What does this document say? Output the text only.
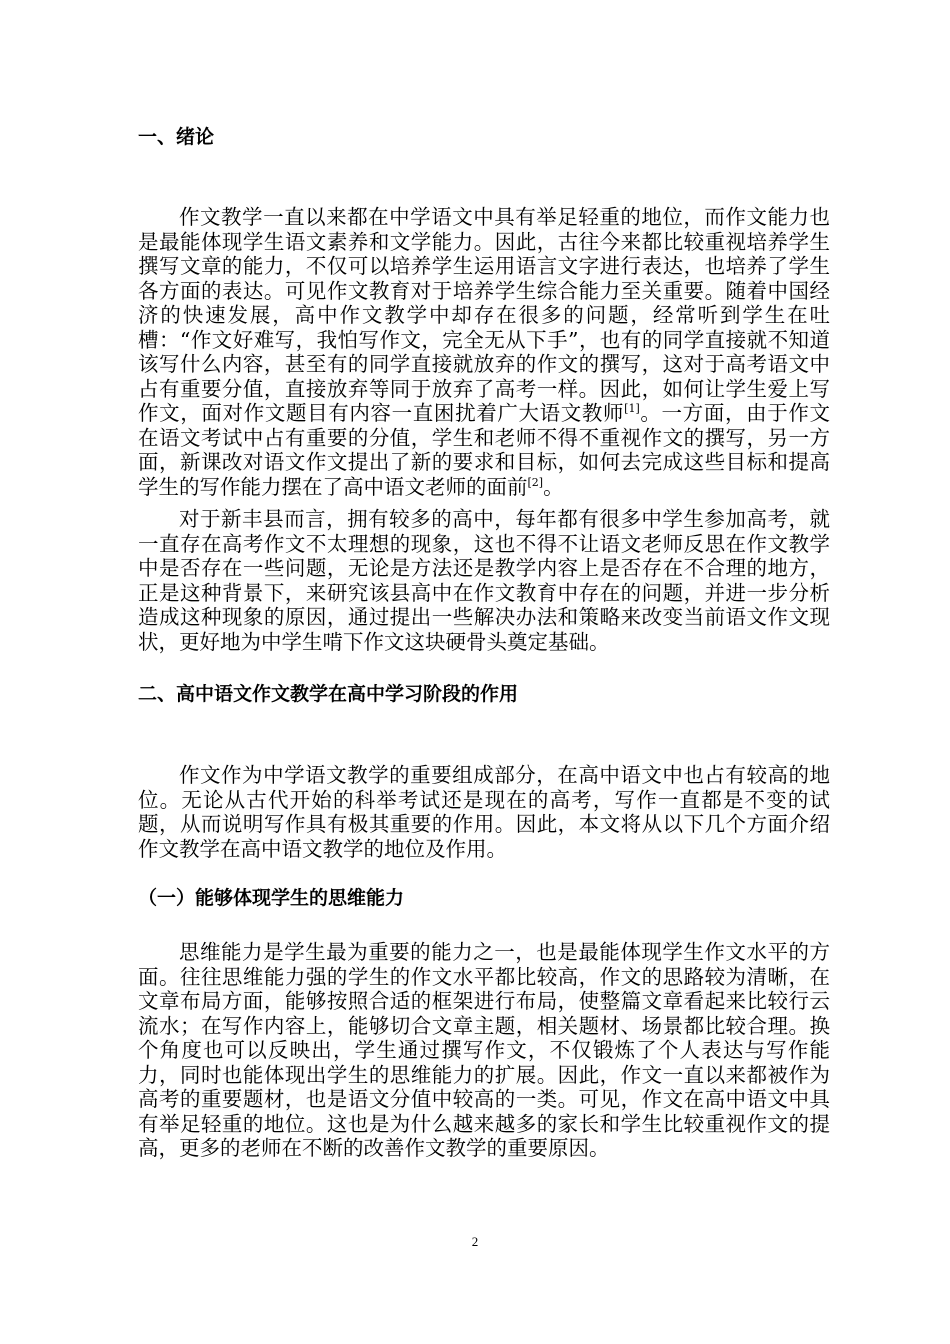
一、绪论

作文教学一直以来都在中学语文中具有举足轻重的地位，而作文能力也是最能体现学生语文素养和文学能力。因此，古往今来都比较重视培养学生撰写文章的能力，不仅可以培养学生运用语言文字进行表达，也培养了学生各方面的表达。可见作文教育对于培养学生综合能力至关重要。随着中国经济的快速发展，高中作文教学中却存在很多的问题，经常听到学生在吐槽：“作文好难写，我怕写作文，完全无从下手”，也有的同学直接就不知道该写什么内容，甚至有的同学直接就放弃的作文的撰写，这对于高考语文中占有重要分值，直接放弃等同于放弃了高考一样。因此，如何让学生爱上写作文，面对作文题目有内容一直困扰着广大语文教师[1]。一方面，由于作文在语文考试中占有重要的分值，学生和老师不得不重视作文的撰写，另一方面，新课改对语文作文提出了新的要求和目标，如何去完成这些目标和提高学生的写作能力摆在了高中语文老师的面前[2]。

对于新丰县而言，拥有较多的高中，每年都有很多中学生参加高考，就一直存在高考作文不太理想的现象，这也不得不让语文老师反思在作文教学中是否存在一些问题，无论是方法还是教学内容上是否存在不合理的地方，正是这种背景下，来研究该县高中在作文教育中存在的问题，并进一步分析造成这种现象的原因，通过提出一些解决办法和策略来改变当前语文作文现状，更好地为中学生啃下作文这块硬骨头奠定基础。

二、高中语文作文教学在高中学习阶段的作用

作文作为中学语文教学的重要组成部分，在高中语文中也占有较高的地位。无论从古代开始的科举考试还是现在的高考，写作一直都是不变的试题，从而说明写作具有极其重要的作用。因此，本文将从以下几个方面介绍作文教学在高中语文教学的地位及作用。

（一）能够体现学生的思维能力

思维能力是学生最为重要的能力之一，也是最能体现学生作文水平的方面。往往思维能力强的学生的作文水平都比较高，作文的思路较为清晰，在文章布局方面，能够按照合适的框架进行布局，使整篇文章看起来比较行云流水；在写作内容上，能够切合文章主题，相关题材、场景都比较合理。换个角度也可以反映出，学生通过撰写作文，不仅锻炼了个人表达与写作能力，同时也能体现出学生的思维能力的扩展。因此，作文一直以来都被作为高考的重要题材，也是语文分值中较高的一类。可见，作文在高中语文中具有举足轻重的地位。这也是为什么越来越多的家长和学生比较重视作文的提高，更多的老师在不断的改善作文教学的重要原因。

2
